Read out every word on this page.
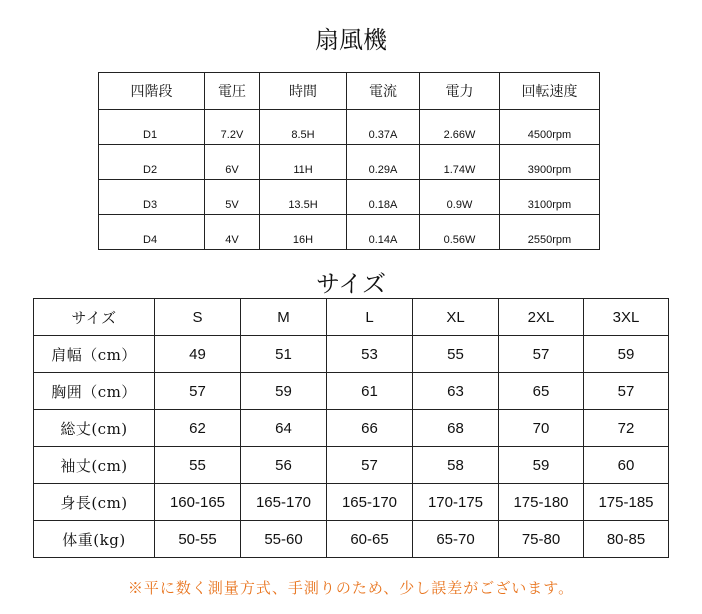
扇風機
四階段	電圧	時間	電流	電力	回転速度

D1	7.2V	8.5H	0.37A	2.66W	4500rpm

D2	6V	11H	0.29A	1.74W	3900rpm

D3	5V	13.5H	0.18A	0.9W	3100rpm

D4	4V	16H	0.14A	0.56W	2550rpm
サイズ
サイズ	S	M	L	XL	2XL	3XL
肩幅（cm）	49	51	53	55	57	59
胸囲（cm）	57	59	61	63	65	57
総丈(cm)	62	64	66	68	70	72
袖丈(cm)	55	56	57	58	59	60
身長(cm)	160-165	165-170	165-170	170-175	175-180	175-185
体重(kg)	50-55	55-60	60-65	65-70	75-80	80-85
※平に数く測量方式、手測りのため、少し誤差がございます。
